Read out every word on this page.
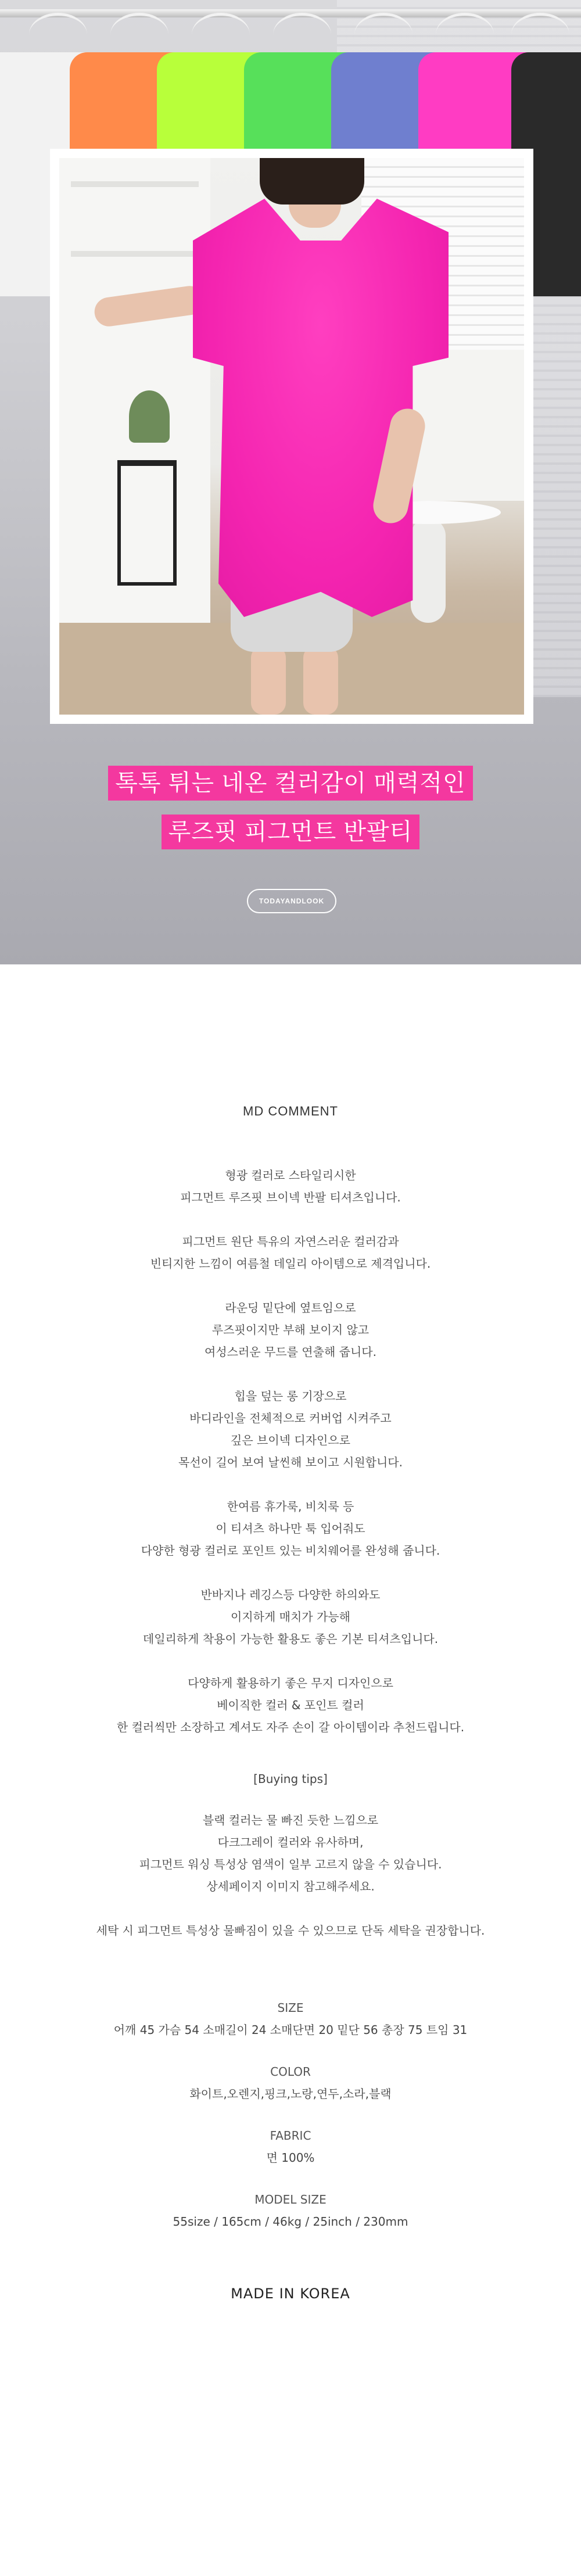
톡톡 튀는 네온 컬러감이 매력적인
루즈핏 피그먼트 반팔티
TODAYANDLOOK
MD COMMENT

형광 컬러로 스타일리시한

피그먼트 루즈핏 브이넥 반팔 티셔츠입니다.

피그먼트 원단 특유의 자연스러운 컬러감과

빈티지한 느낌이 여름철 데일리 아이템으로 제격입니다.

라운딩 밑단에 옆트임으로

루즈핏이지만 부해 보이지 않고

여성스러운 무드를 연출해 줍니다.

힙을 덮는 롱 기장으로

바디라인을 전체적으로 커버업 시켜주고

깊은 브이넥 디자인으로

목선이 길어 보여 날씬해 보이고 시원합니다.

한여름 휴가룩, 비치룩 등

이 티셔츠 하나만 툭 입어줘도

다양한 형광 컬러로 포인트 있는 비치웨어를 완성해 줍니다.

반바지나 레깅스등 다양한 하의와도

이지하게 매치가 가능해

데일리하게 착용이 가능한 활용도 좋은 기본 티셔츠입니다.

다양하게 활용하기 좋은 무지 디자인으로

베이직한 컬러 & 포인트 컬러

한 컬러씩만 소장하고 계셔도 자주 손이 갈 아이템이라 추천드립니다.

[Buying tips]

블랙 컬러는 물 빠진 듯한 느낌으로

다크그레이 컬러와 유사하며,

피그먼트 워싱 특성상 염색이 일부 고르지 않을 수 있습니다.

상세페이지 이미지 참고해주세요.

세탁 시 피그먼트 특성상 물빠짐이 있을 수 있으므로 단독 세탁을 권장합니다.

SIZE
어깨 45 가슴 54 소매길이 24 소매단면 20 밑단 56 총장 75 트임 31
COLOR
화이트,오렌지,핑크,노랑,연두,소라,블랙
FABRIC
면 100%
MODEL SIZE
55size / 165cm / 46kg / 25inch / 230mm
MADE IN KOREA
